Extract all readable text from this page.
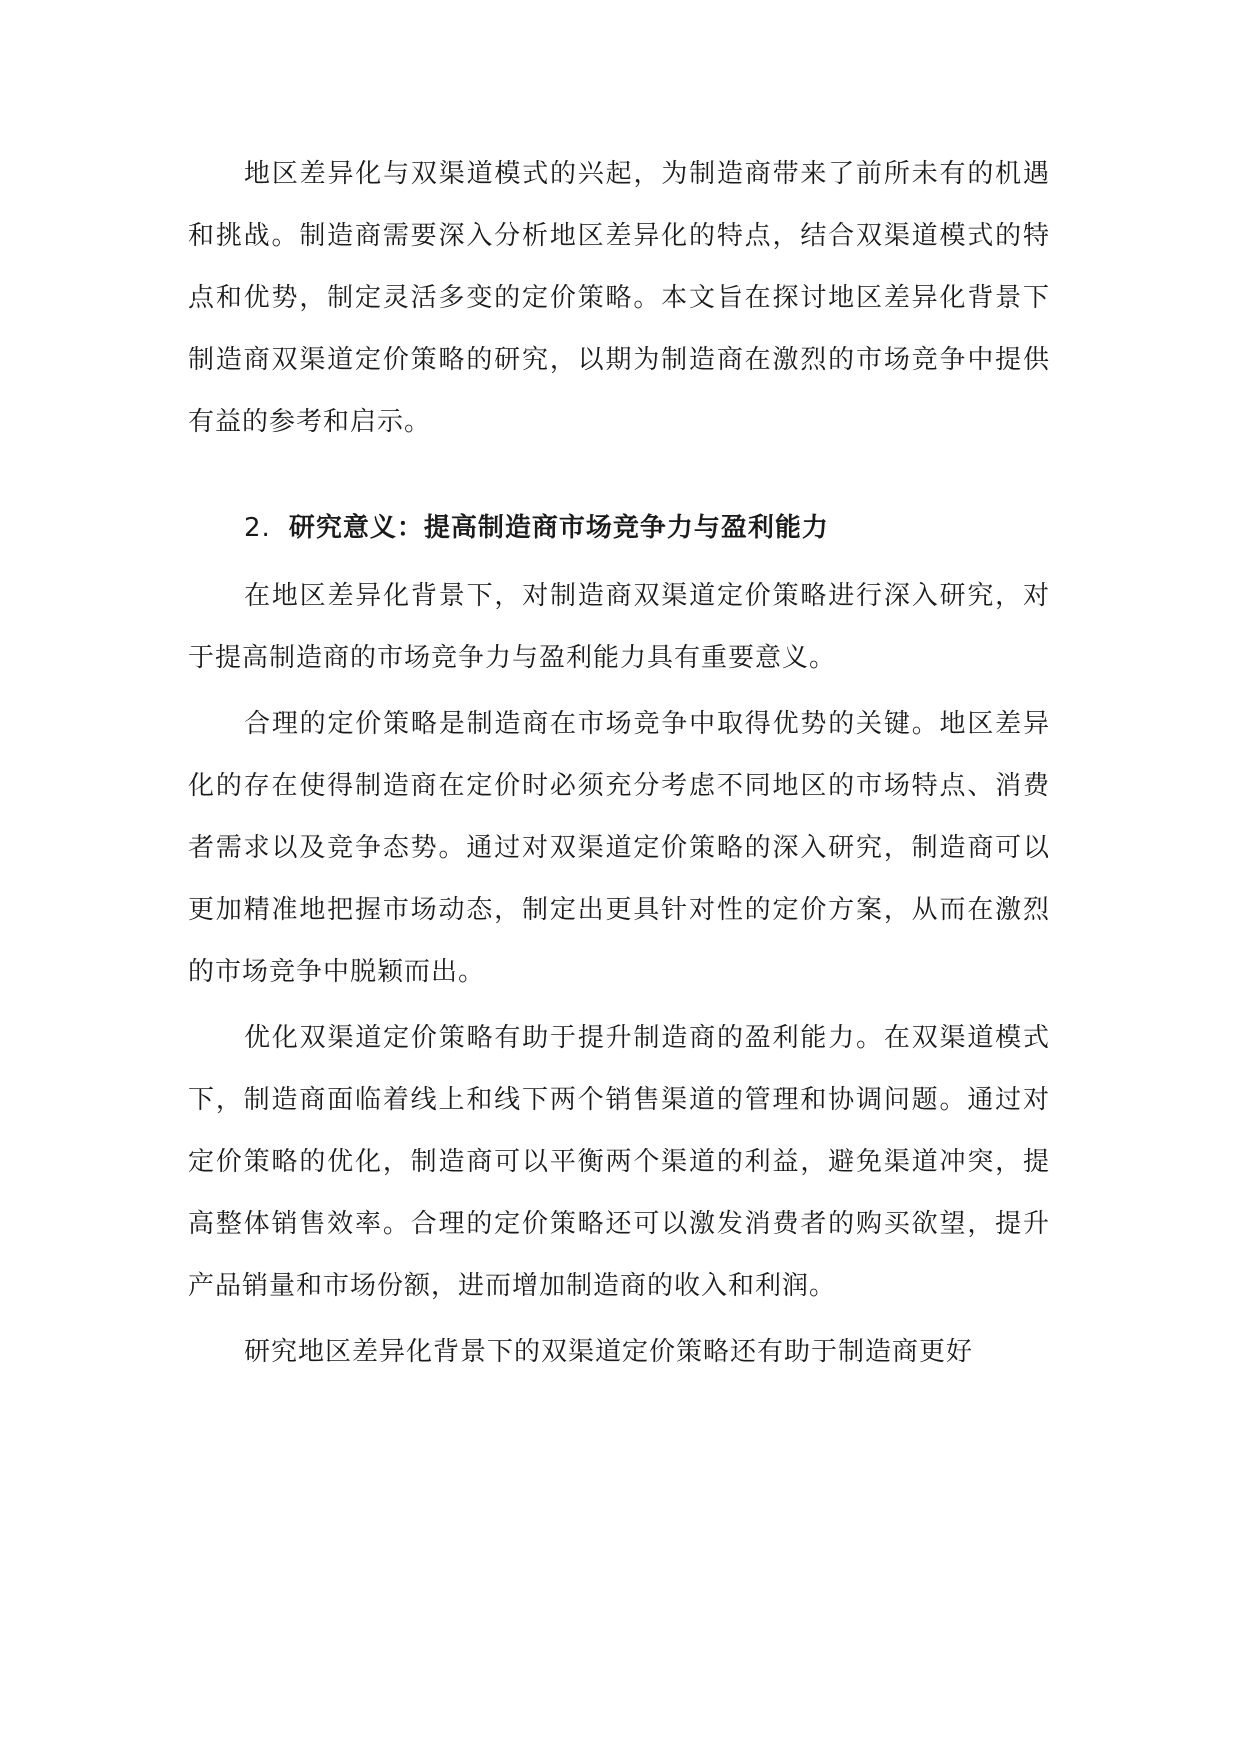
地区差异化与双渠道模式的兴起，为制造商带来了前所未有的机遇和挑战。制造商需要深入分析地区差异化的特点，结合双渠道模式的特点和优势，制定灵活多变的定价策略。本文旨在探讨地区差异化背景下制造商双渠道定价策略的研究，以期为制造商在激烈的市场竞争中提供有益的参考和启示。

2. 研究意义：提高制造商市场竞争力与盈利能力

在地区差异化背景下，对制造商双渠道定价策略进行深入研究，对于提高制造商的市场竞争力与盈利能力具有重要意义。

合理的定价策略是制造商在市场竞争中取得优势的关键。地区差异化的存在使得制造商在定价时必须充分考虑不同地区的市场特点、消费者需求以及竞争态势。通过对双渠道定价策略的深入研究，制造商可以更加精准地把握市场动态，制定出更具针对性的定价方案，从而在激烈的市场竞争中脱颖而出。

优化双渠道定价策略有助于提升制造商的盈利能力。在双渠道模式下，制造商面临着线上和线下两个销售渠道的管理和协调问题。通过对定价策略的优化，制造商可以平衡两个渠道的利益，避免渠道冲突，提高整体销售效率。合理的定价策略还可以激发消费者的购买欲望，提升产品销量和市场份额，进而增加制造商的收入和利润。

研究地区差异化背景下的双渠道定价策略还有助于制造商更好
